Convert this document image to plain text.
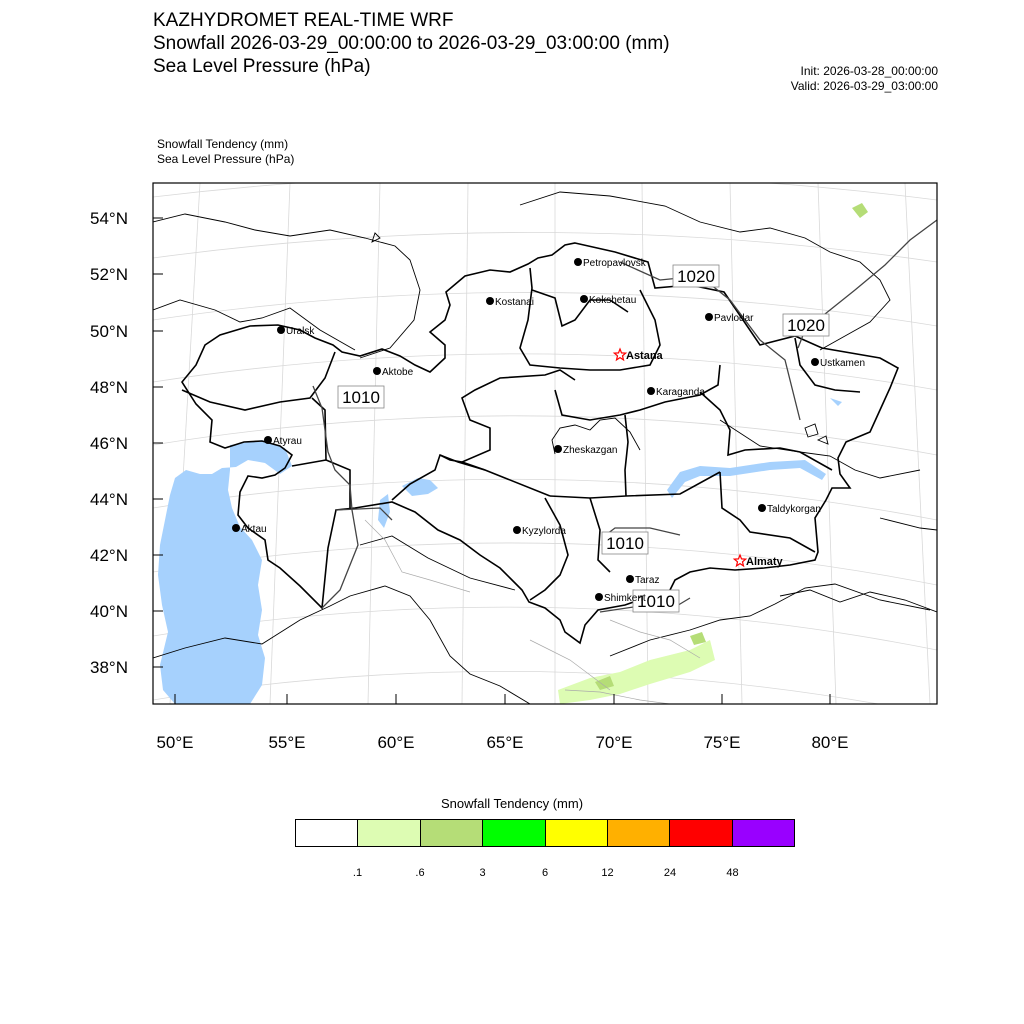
KAZHYDROMET REAL-TIME WRF
Snowfall 2026-03-29_00:00:00 to 2026-03-29_03:00:00 (mm)
Sea Level Pressure (hPa)	Init: 2026-03-28_00:00:00
Valid: 2026-03-29_03:00:00
Snowfall Tendency (mm)
Sea Level Pressure (hPa)
54°N
52°N
50°N
48°N
46°N
44°N
42°N
40°N
38°N
50°E	55°E	60°E	65°E	70°E	75°E	80°E
1020
1020
1010
1010
1010
Petropavlovsk
Kostanai	Kokshetau
Pavlodar
Uralsk
Astana
Aktobe
Ustkamen
Karaganda
Atyrau
Zheskazgan
Aktau	Kyzylorda
Taldykorgan
Almaty
Taraz
Shimkent
Snowfall Tendency (mm)
.1	.6	3	6	12	24	48
